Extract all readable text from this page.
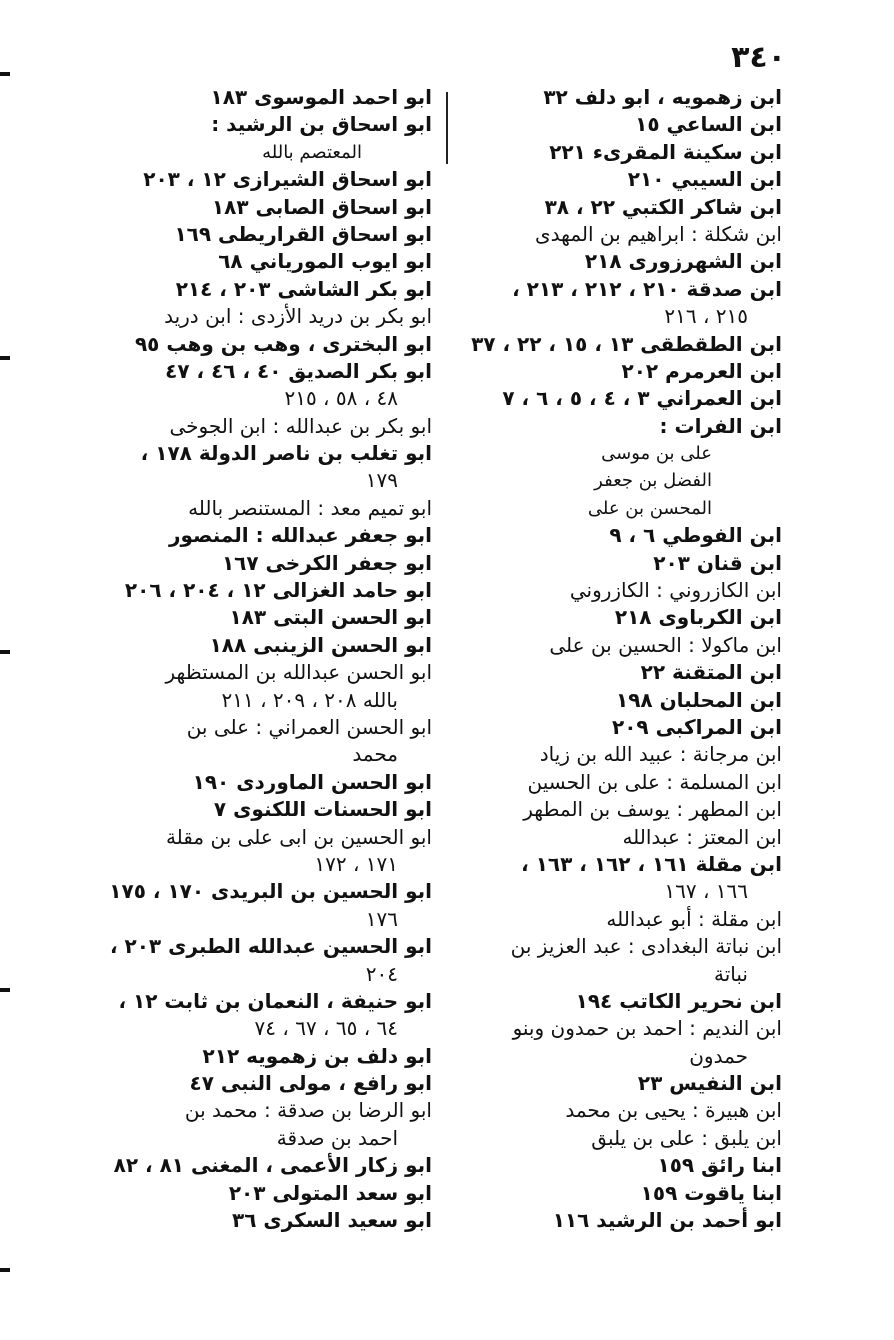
٣٤٠
ابن زهمويه ، ابو دلف ٣٢
ابن الساعي ١٥
ابن سكينة المقرىء ٢٢١
ابن السيبي ٢١٠
ابن شاكر الكتبي ٢٢ ، ٣٨
ابن شكلة : ابراهيم بن المهدى
ابن الشهرزورى ٢١٨
ابن صدقة ٢١٠ ، ٢١٢ ، ٢١٣ ،
٢١٥ ، ٢١٦
ابن الطقطقى ١٣ ، ١٥ ، ٢٢ ، ٣٧
ابن العرمرم ٢٠٢
ابن العمراني ٣ ، ٤ ، ٥ ، ٦ ، ٧
ابن الفرات :
على بن موسى
الفضل بن جعفر
المحسن بن على
ابن الفوطي ٦ ، ٩
ابن قنان ٢٠٣
ابن الكازروني : الكازروني
ابن الكرباوى ٢١٨
ابن ماكولا : الحسين بن على
ابن المتقنة ٢٢
ابن المحلبان ١٩٨
ابن المراكبى ٢٠٩
ابن مرجانة : عبيد الله بن زياد
ابن المسلمة : على بن الحسين
ابن المطهر : يوسف بن المطهر
ابن المعتز : عبدالله
ابن مقلة ١٦١ ، ١٦٢ ، ١٦٣ ،
١٦٦ ، ١٦٧
ابن مقلة : أبو عبدالله
ابن نباتة البغدادى : عبد العزيز بن
نباتة
ابن نحرير الكاتب ١٩٤
ابن النديم : احمد بن حمدون وبنو
حمدون
ابن النفيس ٢٣
ابن هبيرة : يحيى بن محمد
ابن يلبق : على بن يلبق
ابنا رائق ١٥٩
ابنا ياقوت ١٥٩
ابو أحمد بن الرشيد ١١٦
ابو احمد الموسوى ١٨٣
ابو اسحاق بن الرشيد :
المعتصم بالله
ابو اسحاق الشيرازى ١٢ ، ٢٠٣
ابو اسحاق الصابى ١٨٣
ابو اسحاق القراريطى ١٦٩
ابو ايوب المورياني ٦٨
ابو بكر الشاشى ٢٠٣ ، ٢١٤
ابو بكر بن دريد الأزدى : ابن دريد
ابو البخترى ، وهب بن وهب ٩٥
ابو بكر الصديق ٤٠ ، ٤٦ ، ٤٧
٤٨ ، ٥٨ ، ٢١٥
ابو بكر بن عبدالله : ابن الجوخى
ابو تغلب بن ناصر الدولة ١٧٨ ،
١٧٩
ابو تميم معد : المستنصر بالله
ابو جعفر عبدالله : المنصور
ابو جعفر الكرخى ١٦٧
ابو حامد الغزالى ١٢ ، ٢٠٤ ، ٢٠٦
ابو الحسن البتى ١٨٣
ابو الحسن الزينبى ١٨٨
ابو الحسن عبدالله بن المستظهر
بالله ٢٠٨ ، ٢٠٩ ، ٢١١
ابو الحسن العمراني : على بن
محمد
ابو الحسن الماوردى ١٩٠
ابو الحسنات اللكنوى ٧
ابو الحسين بن ابى على بن مقلة
١٧١ ، ١٧٢
ابو الحسين بن البريدى ١٧٠ ، ١٧٥
١٧٦
ابو الحسين عبدالله الطبرى ٢٠٣ ،
٢٠٤
ابو حنيفة ، النعمان بن ثابت ١٢ ،
٦٤ ، ٦٥ ، ٦٧ ، ٧٤
ابو دلف بن زهمويه ٢١٢
ابو رافع ، مولى النبى ٤٧
ابو الرضا بن صدقة : محمد بن
احمد بن صدقة
ابو زكار الأعمى ، المغنى ٨١ ، ٨٢
ابو سعد المتولى ٢٠٣
ابو سعيد السكرى ٣٦
